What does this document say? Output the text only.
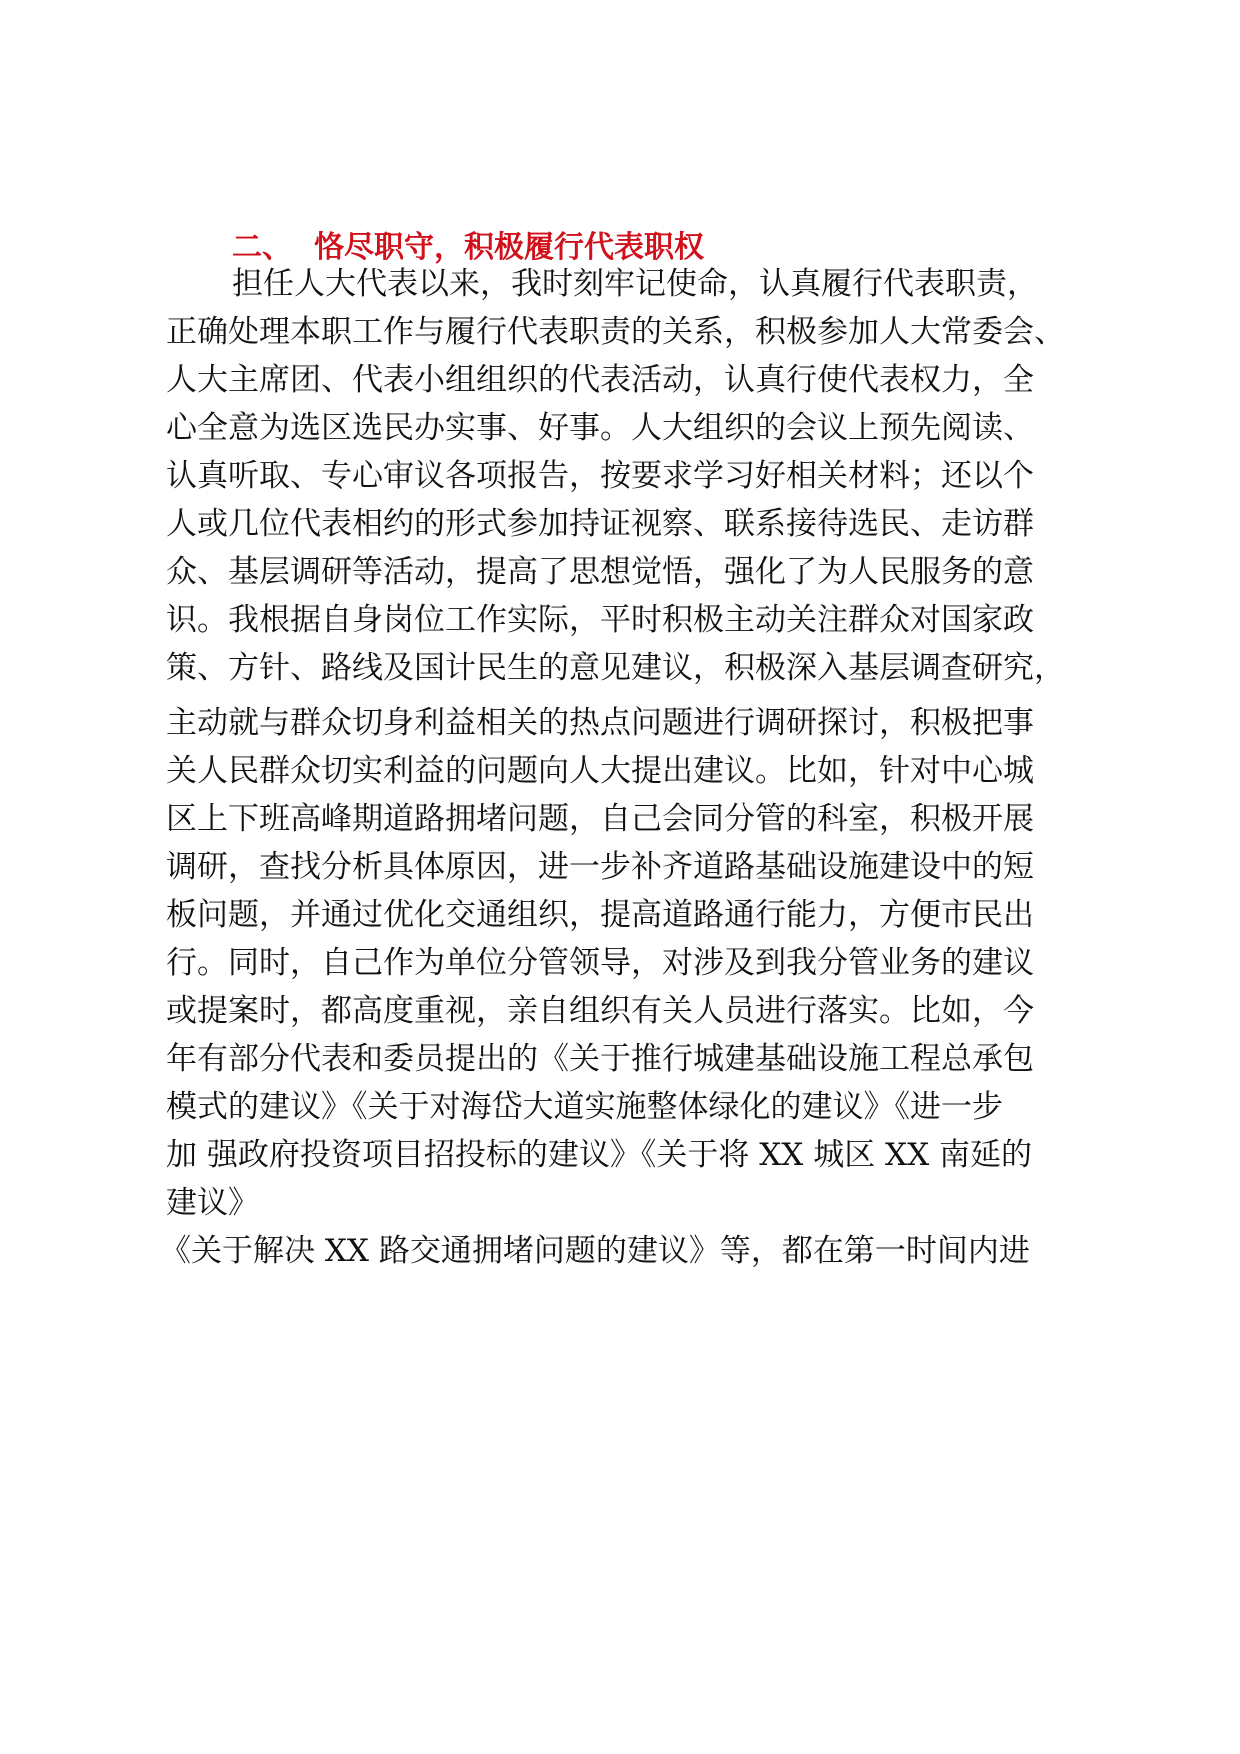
二、 恪尽职守，积极履行代表职权
担任人大代表以来，我时刻牢记使命，认真履行代表职责，
正确处理本职工作与履行代表职责的关系，积极参加人大常委会、
人大主席团、代表小组组织的代表活动，认真行使代表权力，全
心全意为选区选民办实事、好事。人大组织的会议上预先阅读、
认真听取、专心审议各项报告，按要求学习好相关材料；还以个
人或几位代表相约的形式参加持证视察、联系接待选民、走访群
众、基层调研等活动，提高了思想觉悟，强化了为人民服务的意
识。我根据自身岗位工作实际，平时积极主动关注群众对国家政
策、方针、路线及国计民生的意见建议，积极深入基层调查研究，
主动就与群众切身利益相关的热点问题进行调研探讨，积极把事
关人民群众切实利益的问题向人大提出建议。比如，针对中心城
区上下班高峰期道路拥堵问题，自己会同分管的科室，积极开展
调研，查找分析具体原因，进一步补齐道路基础设施建设中的短
板问题，并通过优化交通组织，提高道路通行能力，方便市民出
行。同时，自己作为单位分管领导，对涉及到我分管业务的建议
或提案时，都高度重视，亲自组织有关人员进行落实。比如，今
年有部分代表和委员提出的《关于推行城建基础设施工程总承包
模式的建议》《关于对海岱大道实施整体绿化的建议》《进一步
加 强政府投资项目招投标的建议》《关于将 XX 城区 XX 南延的
建议》
《关于解决 XX 路交通拥堵问题的建议》等，都在第一时间内进
